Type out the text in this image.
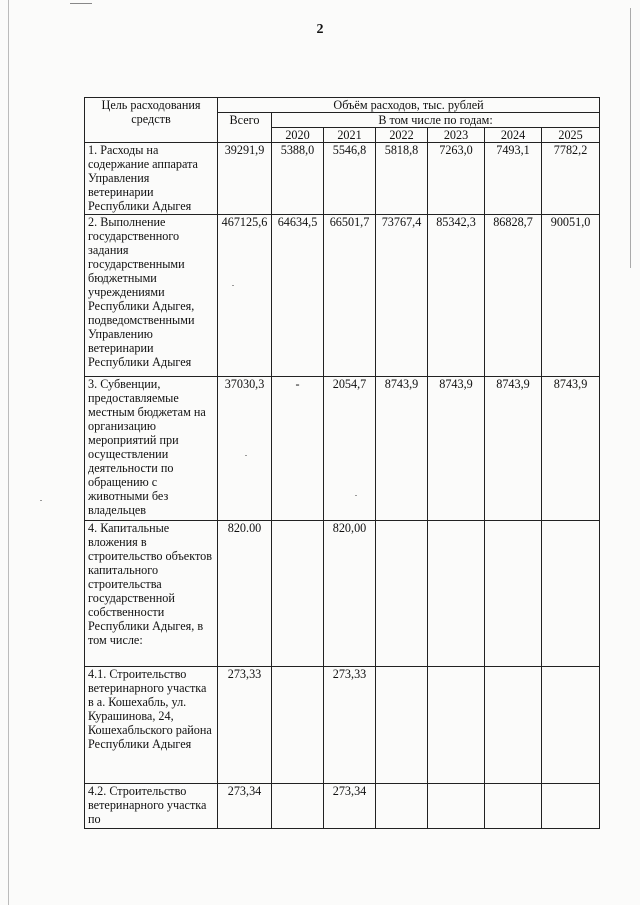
2
Цель расходования средств	Объём расходов, тыс. рублей						
	Всего	В том числе по годам:					
		2020	2021	2022	2023	2024	2025
1. Расходы на содержание аппарата Управления ветеринарии Республики Адыгея	39291,9	5388,0	5546,8	5818,8	7263,0	7493,1	7782,2
2. Выполнение государственного задания государственными бюджетными учреждениями Республики Адыгея, подведомственными Управлению ветеринарии Республики Адыгея	467125,6	64634,5	66501,7	73767,4	85342,3	86828,7	90051,0
3. Субвенции, предоставляемые местным бюджетам на организацию мероприятий при осуществлении деятельности по обращению с животными без владельцев	37030,3	-	2054,7	8743,9	8743,9	8743,9	8743,9
4. Капитальные вложения в строительство объектов капитального строительства государственной собственности Республики Адыгея, в том числе:	820.00		820,00				
4.1. Строительство ветеринарного участка в а. Кошехабль, ул. Курашинова, 24, Кошехабльского района Республики Адыгея	273,33		273,33				
4.2. Строительство ветеринарного участка по	273,34		273,34				
